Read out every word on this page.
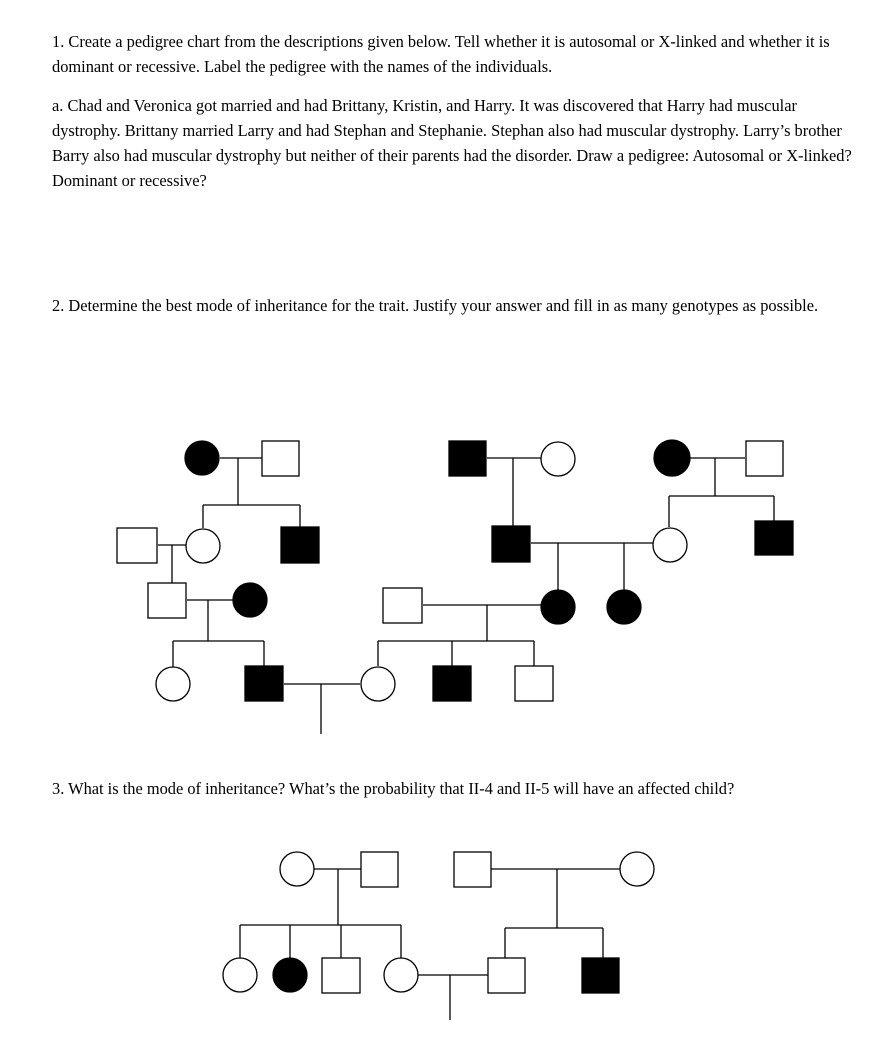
1. Create a pedigree chart from the descriptions given below. Tell whether it is autosomal or X-linked and whether it is dominant or recessive. Label the pedigree with the names of the individuals.

a. Chad and Veronica got married and had Brittany, Kristin, and Harry. It was discovered that Harry had muscular dystrophy. Brittany married Larry and had Stephan and Stephanie. Stephan also had muscular dystrophy. Larry’s brother Barry also had muscular dystrophy but neither of their parents had the disorder. Draw a pedigree: Autosomal or X-linked? Dominant or recessive?

2. Determine the best mode of inheritance for the trait. Justify your answer and fill in as many genotypes as possible.

3. What is the mode of inheritance? What’s the probability that II-4 and II-5 will have an affected child?
